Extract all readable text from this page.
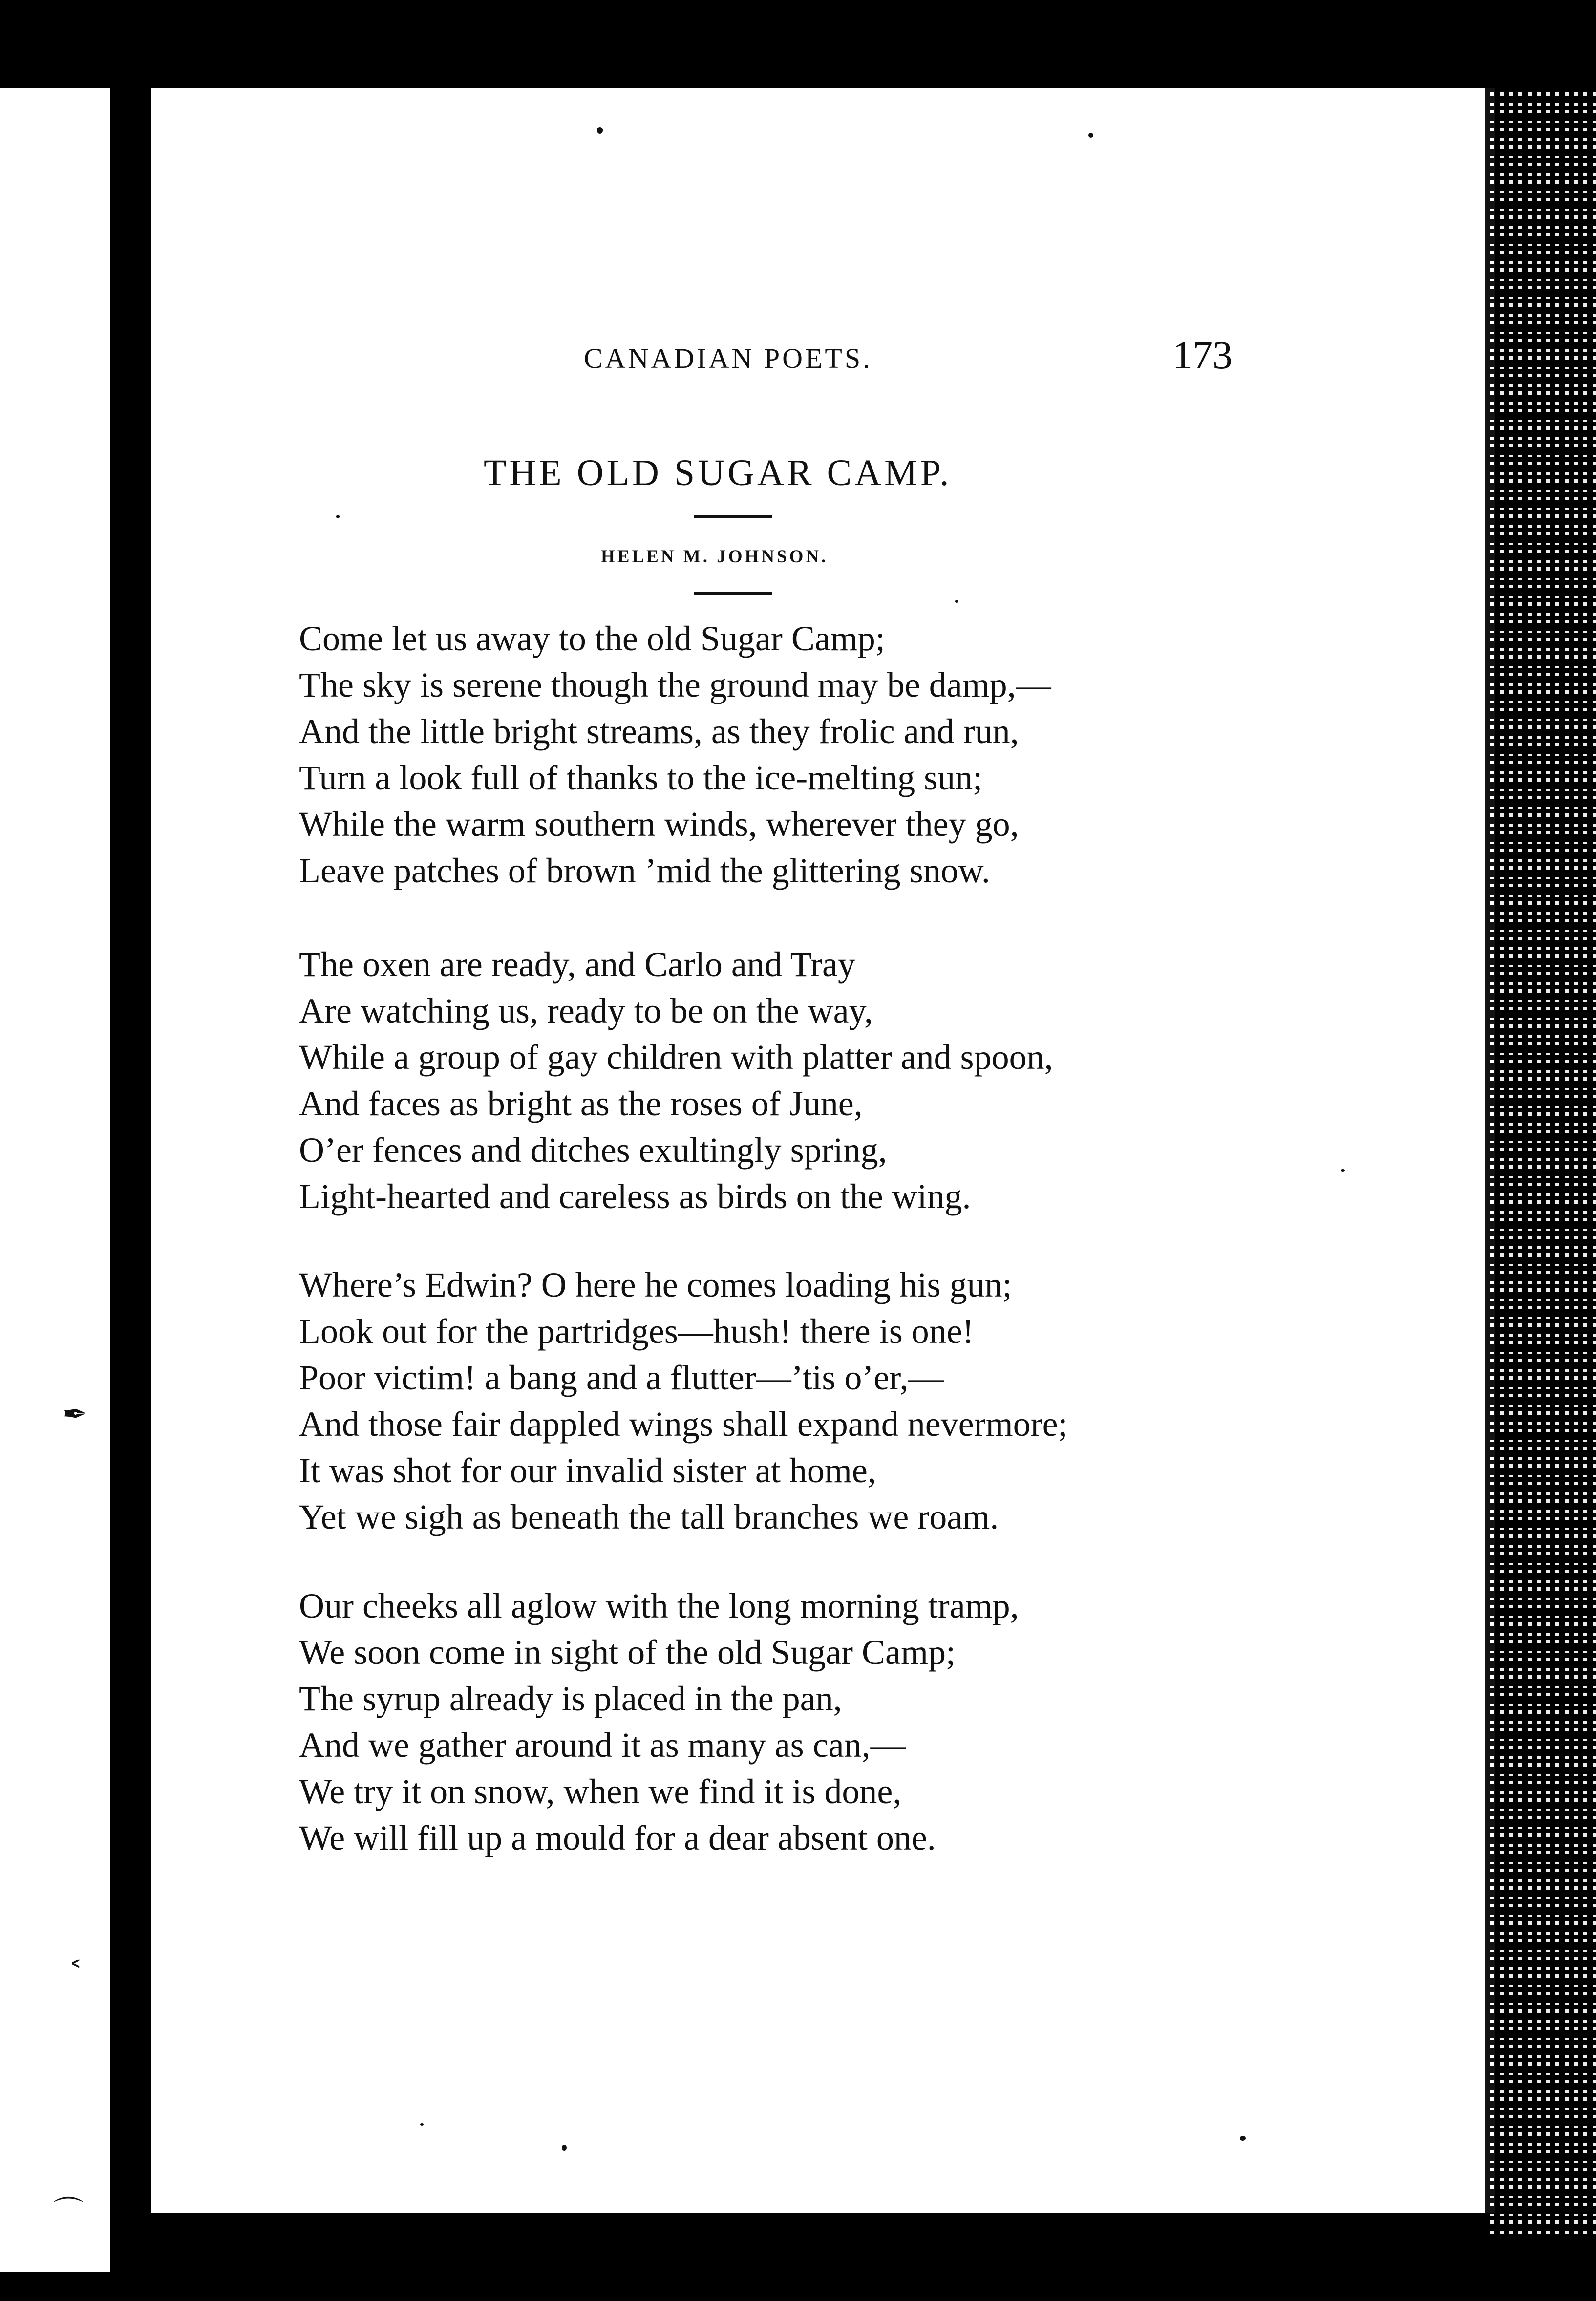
CANADIAN POETS.	173
THE OLD SUGAR CAMP.
HELEN M. JOHNSON.
Come let us away to the old Sugar Camp;
The sky is serene though the ground may be damp,—
And the little bright streams, as they frolic and run,
Turn a look full of thanks to the ice-melting sun;
While the warm southern winds, wherever they go,
Leave patches of brown ’mid the glittering snow.
The oxen are ready, and Carlo and Tray
Are watching us, ready to be on the way,
While a group of gay children with platter and spoon,
And faces as bright as the roses of June,
O’er fences and ditches exultingly spring,
Light-hearted and careless as birds on the wing.
Where’s Edwin? O here he comes loading his gun;
Look out for the partridges—hush! there is one!
Poor victim! a bang and a flutter—’tis o’er,—
And those fair dappled wings shall expand nevermore;
It was shot for our invalid sister at home,
Yet we sigh as beneath the tall branches we roam.
Our cheeks all aglow with the long morning tramp,
We soon come in sight of the old Sugar Camp;
The syrup already is placed in the pan,
And we gather around it as many as can,—
We try it on snow, when we find it is done,
We will fill up a mould for a dear absent one.
✒
˂
⌒
